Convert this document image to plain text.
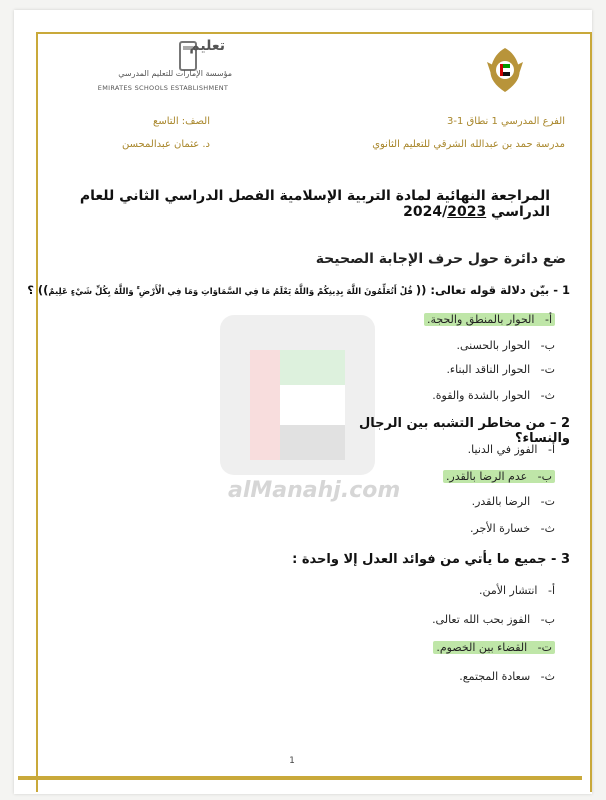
alManahj.com
تعليم
مؤسسة الإمارات للتعليم المدرسي
EMIRATES SCHOOLS ESTABLISHMENT
الفرع المدرسي 1 نطاق 1-3
مدرسة حمد بن عبدالله الشرقي للتعليم الثانوي
الصف: التاسع
د. عثمان عبدالمحسن
المراجعة النهائية لمادة التربية الإسلامية الفصل الدراسي الثاني للعام الدراسي 2024/2023
ضع دائرة حول حرف الإجابة الصحيحة
1 - بيّن دلالة قوله تعالى: (( قُلْ أَتُعَلِّمُونَ اللَّهَ بِدِينِكُمْ وَاللَّهُ يَعْلَمُ مَا فِي السَّمَاوَاتِ وَمَا فِي الْأَرْضِ ۚ وَاللَّهُ بِكُلِّ شَيْءٍ عَلِيمٌ)) ؟
أ-   الحوار بالمنطق والحجة.
ب-   الحوار بالحسنى.
ت-   الحوار الناقد البناء.
ث-   الحوار بالشدة والقوة.
2 – من مخاطر التشبه بين الرجال والنساء؟
أ-   الفوز في الدنيا.
ب-   عدم الرضا بالقدر.
ت-   الرضا بالقدر.
ث-   خسارة الأجر.
3 - جميع ما يأتي من فوائد العدل إلا واحدة :
أ-   انتشار الأمن.
ب-   الفوز بحب الله تعالى.
ت-   القضاء بين الخصوم.
ث-   سعادة المجتمع.
1
